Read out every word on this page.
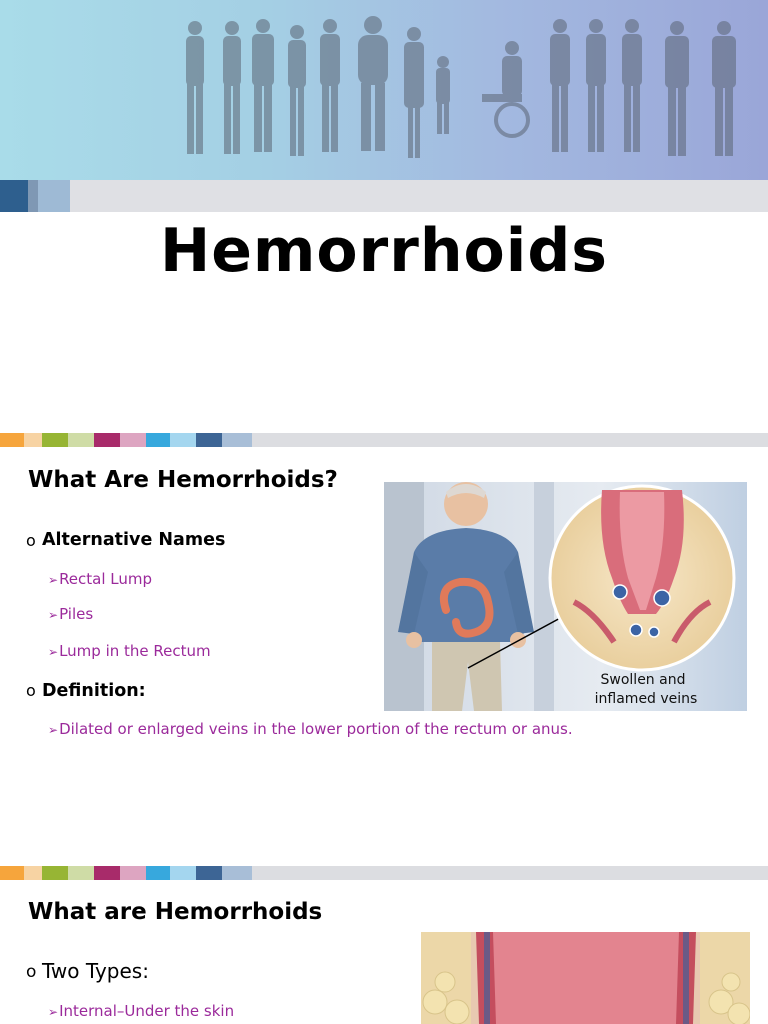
Hemorrhoids
What Are Hemorrhoids?
o Alternative Names
➢Rectal Lump
➢Piles
➢Lump in the Rectum
o Definition:
➢Dilated or enlarged veins in the lower portion of the rectum or anus.
Swollen and
inflamed veins
What are Hemorrhoids
o Two Types:
➢Internal–Under the skin
